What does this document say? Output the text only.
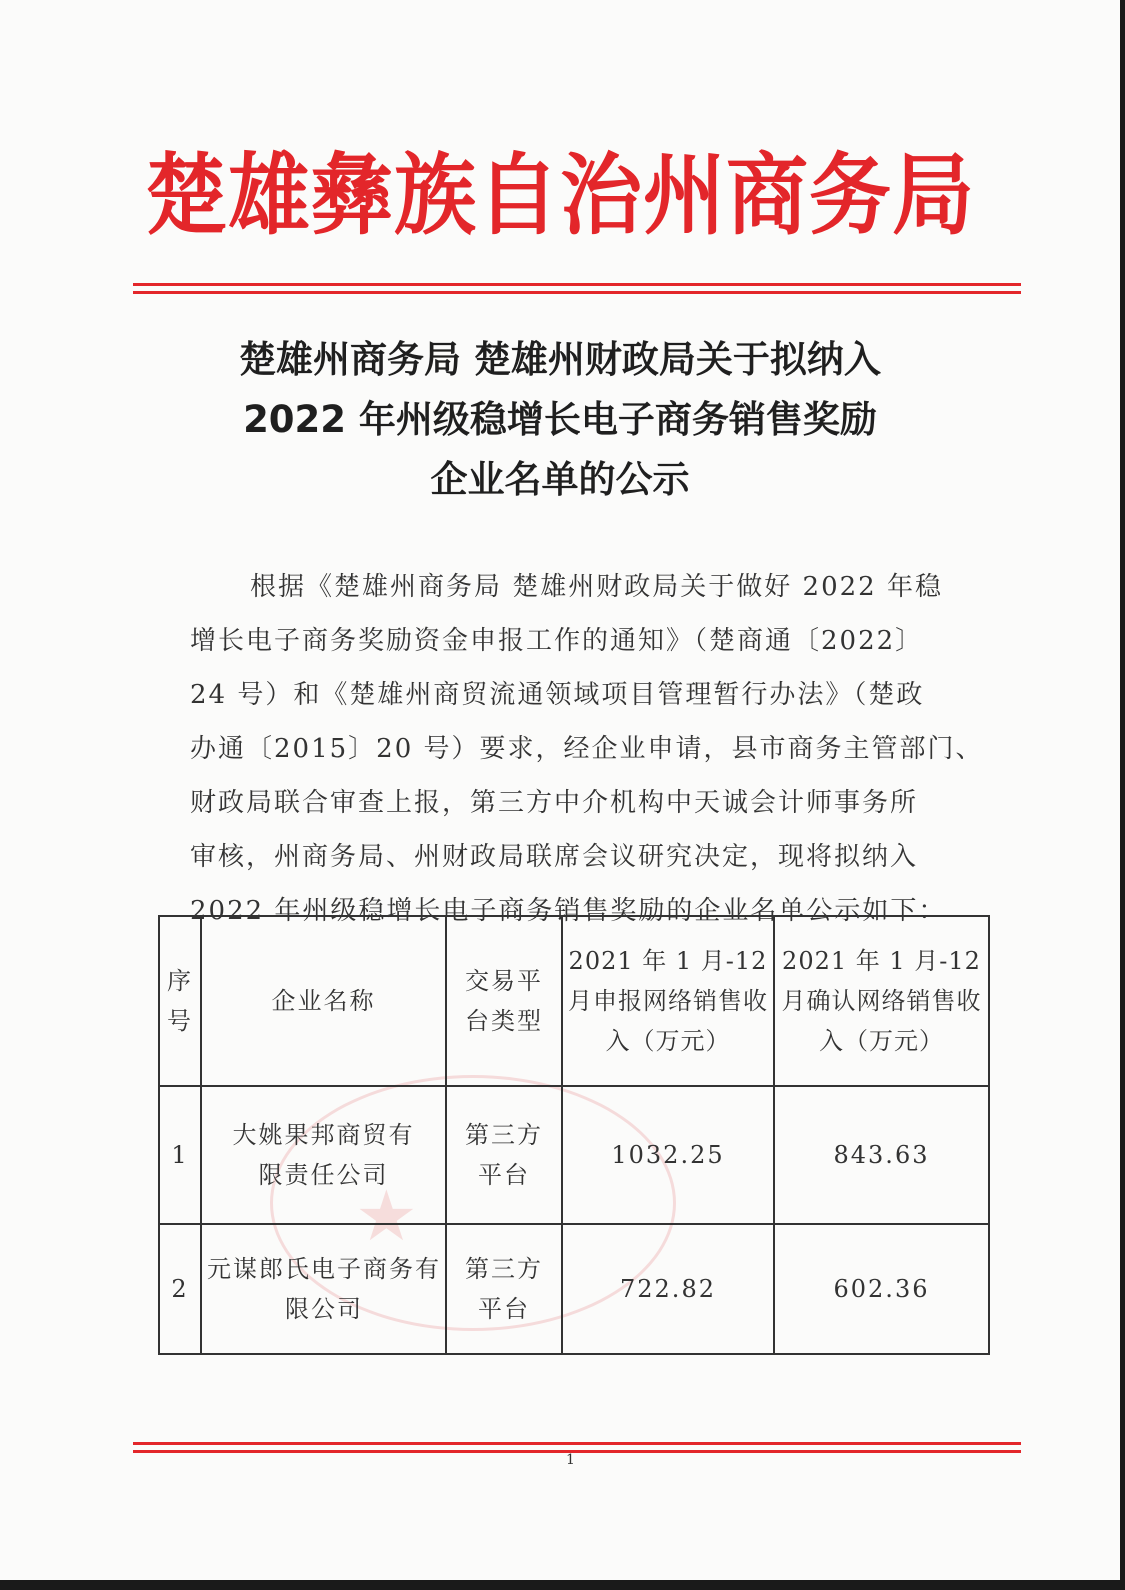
楚雄彝族自治州商务局
楚雄州商务局 楚雄州财政局关于拟纳入
2022 年州级稳增长电子商务销售奖励
企业名单的公示
根据《楚雄州商务局 楚雄州财政局关于做好 2022 年稳
增长电子商务奖励资金申报工作的通知》（楚商通〔2022〕
24 号）和《楚雄州商贸流通领域项目管理暂行办法》（楚政
办通〔2015〕20 号）要求，经企业申请，县市商务主管部门、
财政局联合审查上报，第三方中介机构中天诚会计师事务所
审核，州商务局、州财政局联席会议研究决定，现将拟纳入
2022 年州级稳增长电子商务销售奖励的企业名单公示如下：
★
序号	企业名称	交易平台类型	2021 年 1 月-12 月申报网络销售收入（万元）	2021 年 1 月-12 月确认网络销售收入（万元）
1	大姚果邦商贸有限责任公司	第三方平台	1032.25	843.63
2	元谋郎氏电子商务有限公司	第三方平台	722.82	602.36
1
